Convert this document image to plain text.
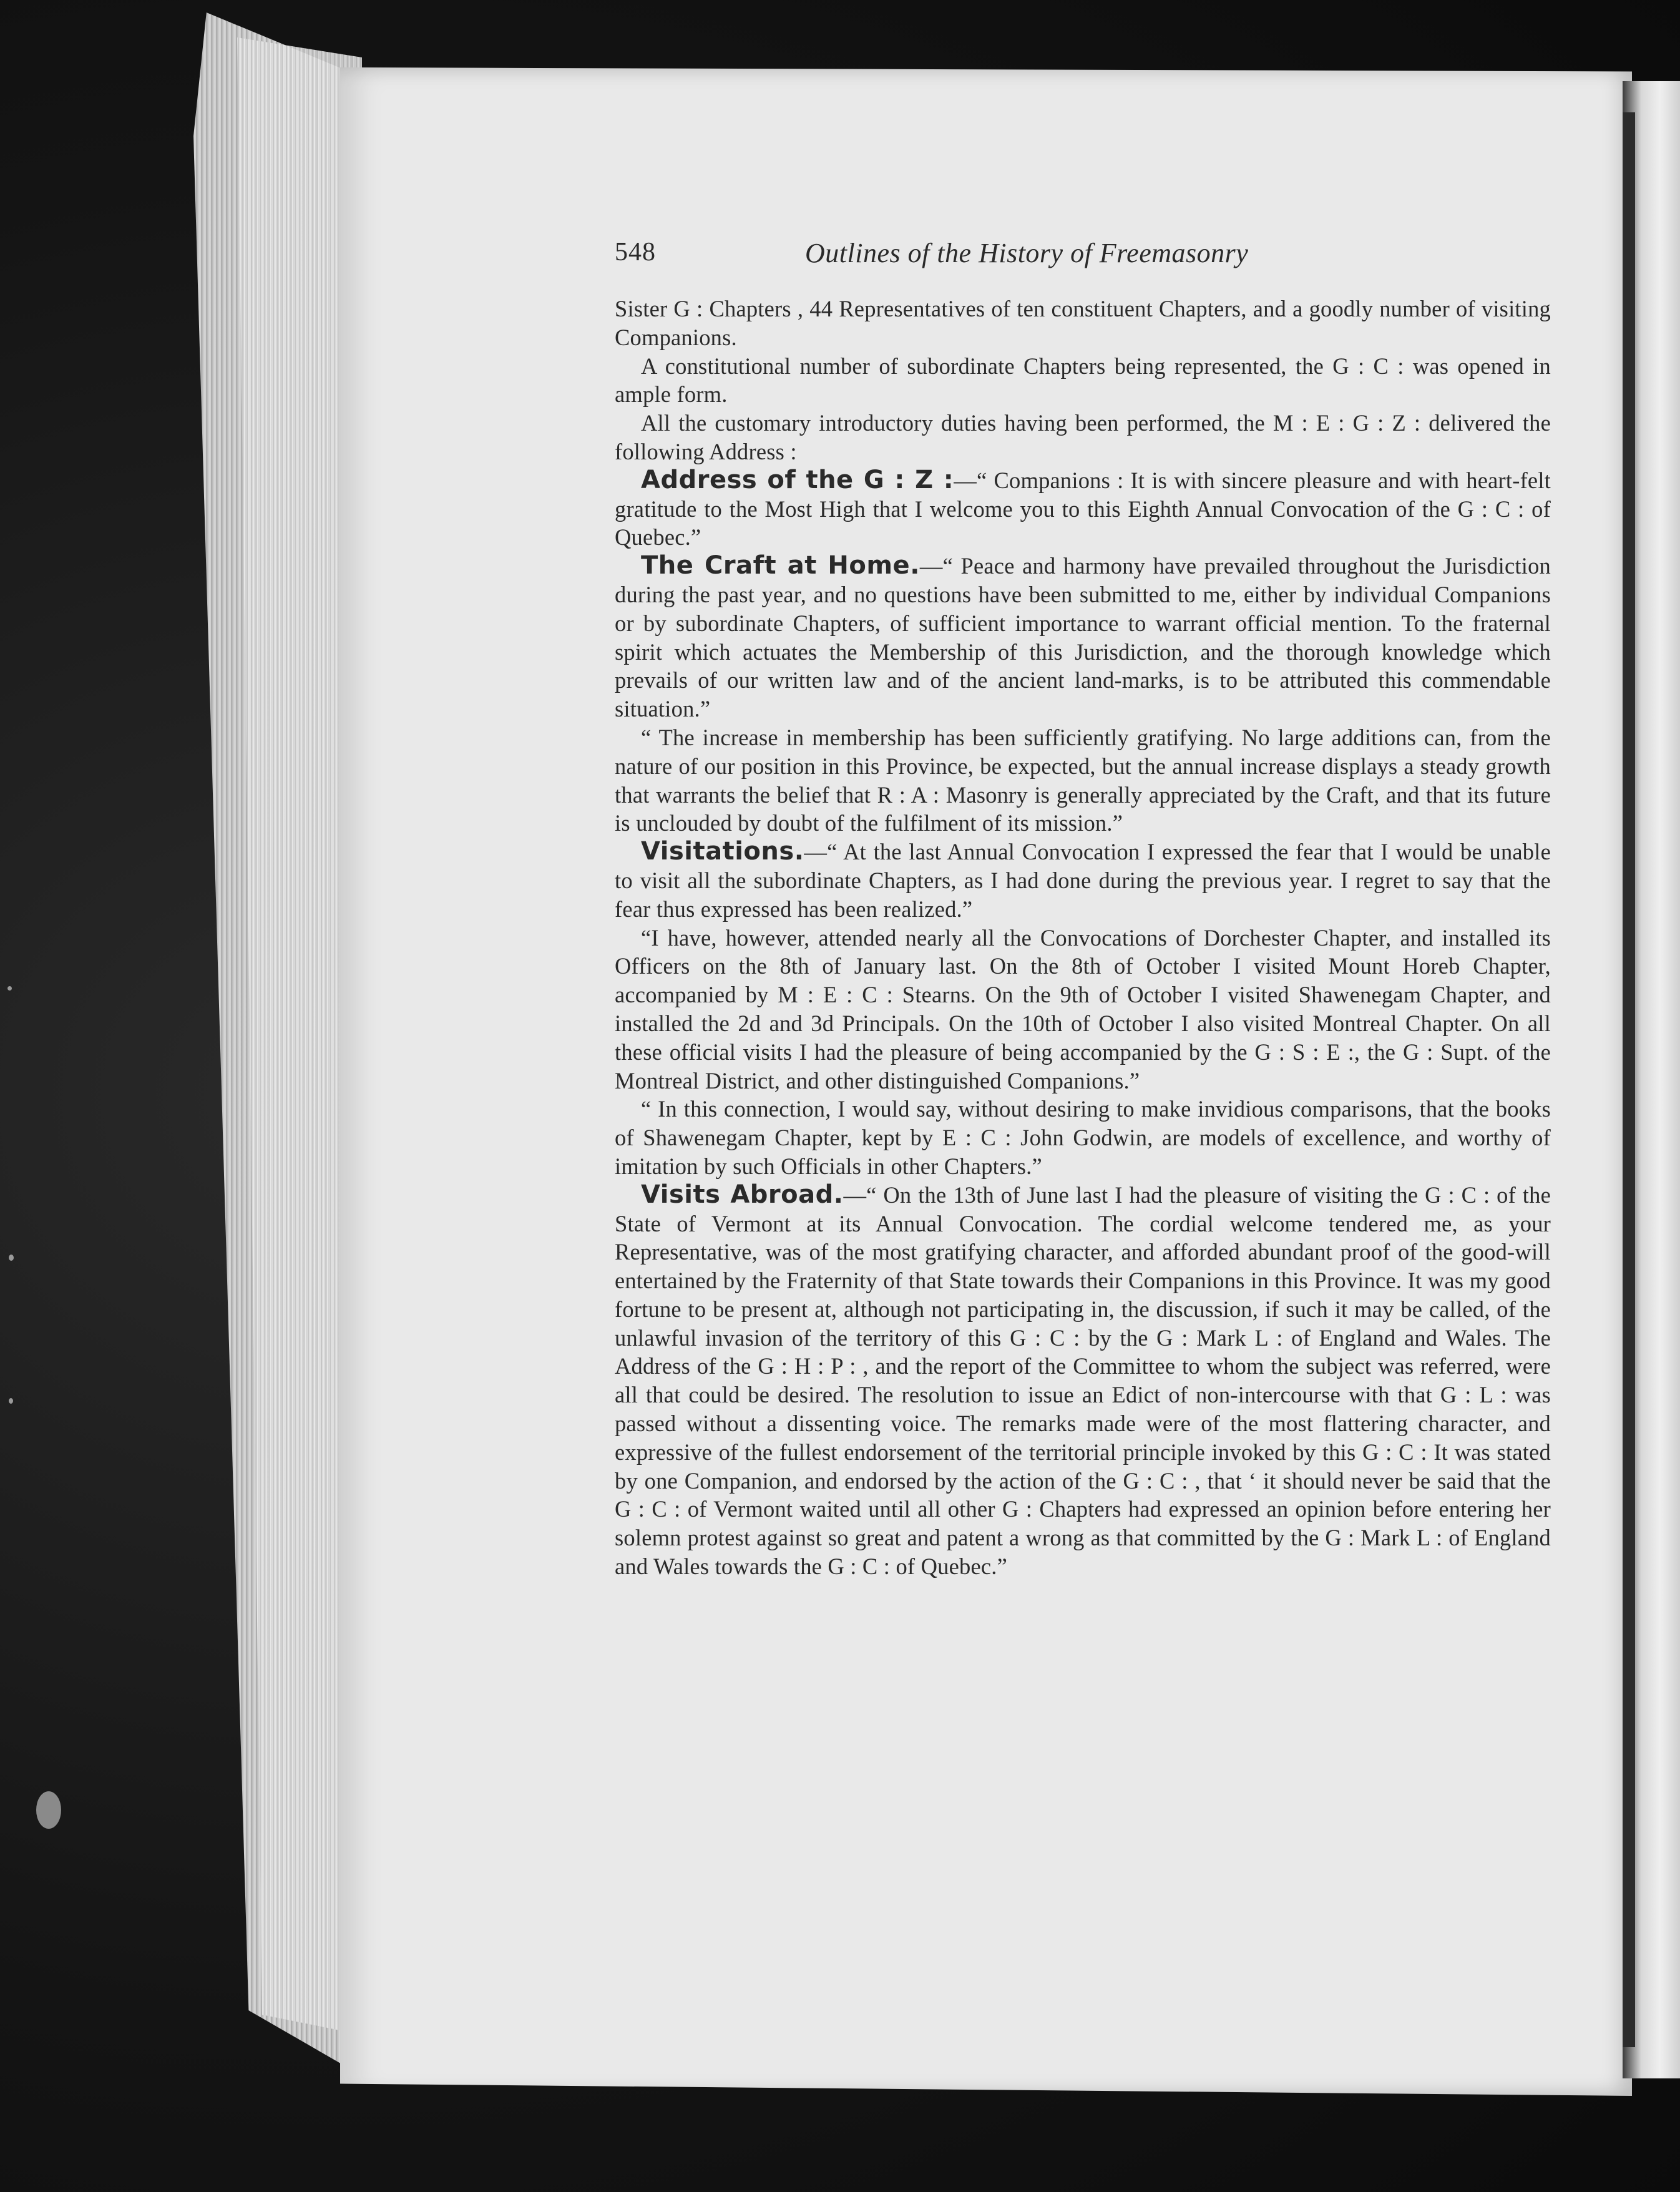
548	Outlines of the History of Freemasonry

Sister G : Chapters , 44 Representatives of ten constituent Chapters, and a goodly number of visiting Companions.

A constitutional number of subordinate Chapters being represented, the G : C : was opened in ample form.

All the customary introductory duties having been performed, the M : E : G : Z : delivered the following Address :

Address of the G : Z :—“ Companions : It is with sincere pleasure and with heart-felt gratitude to the Most High that I welcome you to this Eighth Annual Convocation of the G : C : of Quebec.”

The Craft at Home.—“ Peace and harmony have prevailed throughout the Jurisdiction during the past year, and no questions have been submitted to me, either by individual Companions or by subordinate Chapters, of sufficient importance to warrant official mention. To the fraternal spirit which actuates the Membership of this Jurisdiction, and the thorough knowledge which prevails of our written law and of the ancient land-marks, is to be attributed this commendable situation.”

“ The increase in membership has been sufficiently gratifying. No large additions can, from the nature of our position in this Province, be expected, but the annual increase displays a steady growth that warrants the belief that R : A : Masonry is generally appreciated by the Craft, and that its future is unclouded by doubt of the fulfilment of its mission.”

Visitations.—“ At the last Annual Convocation I expressed the fear that I would be unable to visit all the subordinate Chapters, as I had done during the previous year. I regret to say that the fear thus expressed has been realized.”

“I have, however, attended nearly all the Convocations of Dorchester Chapter, and installed its Officers on the 8th of January last. On the 8th of October I visited Mount Horeb Chapter, accompanied by M : E : C : Stearns. On the 9th of October I visited Shawenegam Chapter, and installed the 2d and 3d Principals. On the 10th of October I also visited Montreal Chapter. On all these official visits I had the pleasure of being accompanied by the G : S : E :, the G : Supt. of the Montreal District, and other distinguished Companions.”

“ In this connection, I would say, without desiring to make invidious comparisons, that the books of Shawenegam Chapter, kept by E : C : John Godwin, are models of excellence, and worthy of imitation by such Officials in other Chapters.”

Visits Abroad.—“ On the 13th of June last I had the pleasure of visiting the G : C : of the State of Vermont at its Annual Convocation. The cordial welcome tendered me, as your Representative, was of the most gratifying character, and afforded abundant proof of the good-will entertained by the Fraternity of that State towards their Companions in this Province. It was my good fortune to be present at, although not participating in, the discussion, if such it may be called, of the unlawful invasion of the territory of this G : C : by the G : Mark L : of England and Wales. The Address of the G : H : P : , and the report of the Committee to whom the subject was referred, were all that could be desired. The resolution to issue an Edict of non-intercourse with that G : L : was passed without a dissenting voice. The remarks made were of the most flattering character, and expressive of the fullest endorsement of the territorial principle invoked by this G : C : It was stated by one Companion, and endorsed by the action of the G : C : , that ‘ it should never be said that the G : C : of Vermont waited until all other G : Chapters had expressed an opinion before entering her solemn protest against so great and patent a wrong as that committed by the G : Mark L : of England and Wales towards the G : C : of Quebec.”
